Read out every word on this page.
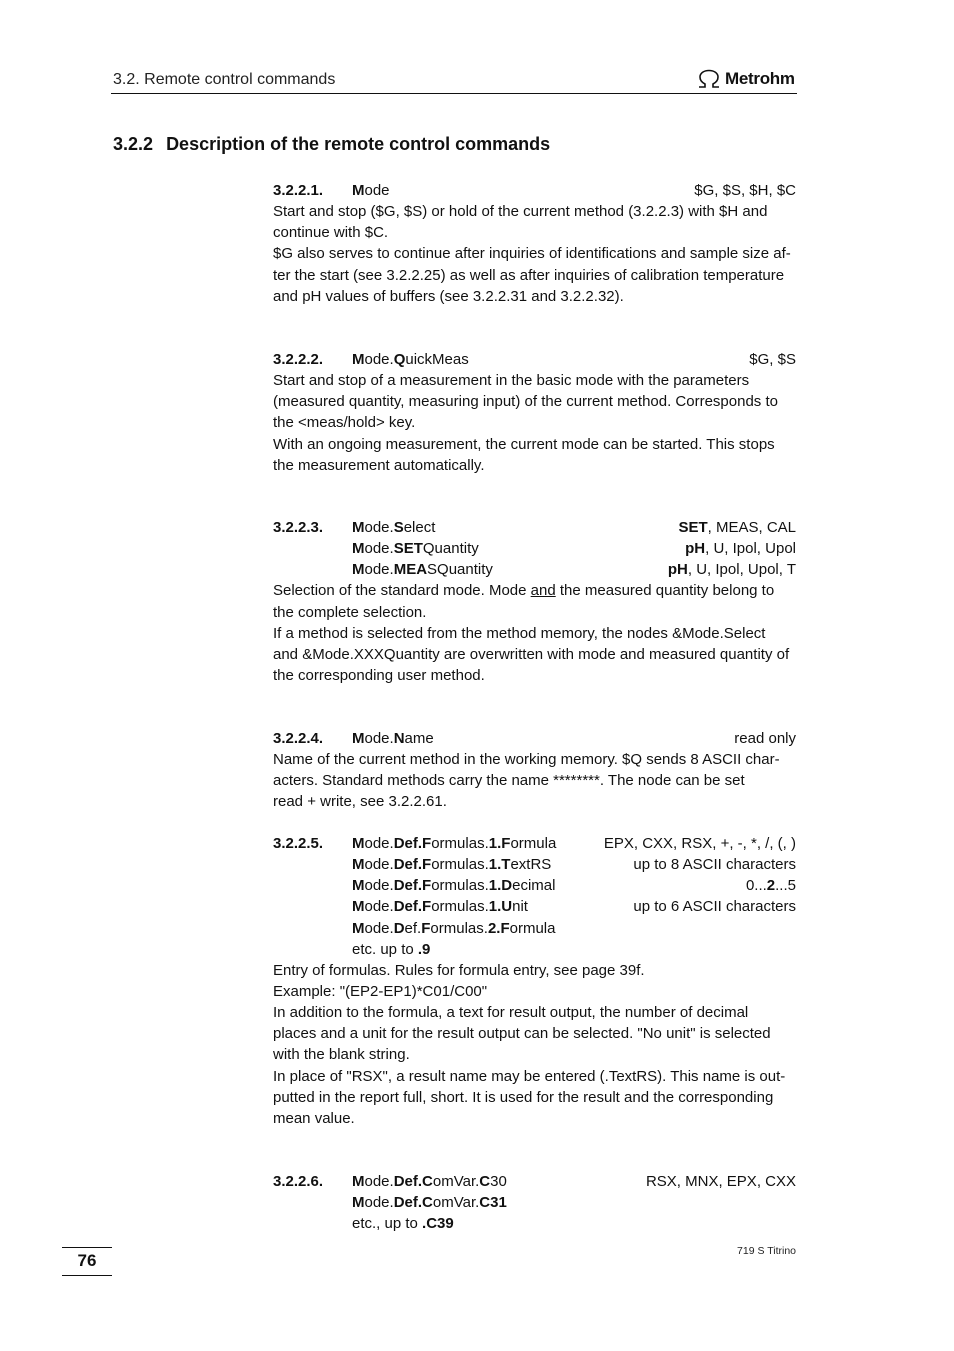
3.2. Remote control commands	Metrohm
3.2.2 Description of the remote control commands
3.2.2.1. Mode	$G, $S, $H, $C
Start and stop ($G, $S) or hold of the current method (3.2.2.3) with $H and
continue with $C.
$G also serves to continue after inquiries of identifications and sample size af-
ter the start (see 3.2.2.25) as well as after inquiries of calibration temperature
and pH values of buffers (see 3.2.2.31 and 3.2.2.32).
3.2.2.2. Mode.QuickMeas	$G, $S
Start and stop of a measurement in the basic mode with the parameters
(measured quantity, measuring input) of the current method. Corresponds to
the <meas/hold> key.
With an ongoing measurement, the current mode can be started. This stops
the measurement automatically.
3.2.2.3. Mode.Select	SET, MEAS, CAL
Mode.SETQuantity	pH, U, Ipol, Upol
Mode.MEASQuantity	pH, U, Ipol, Upol, T
Selection of the standard mode. Mode and the measured quantity belong to
the complete selection.
If a method is selected from the method memory, the nodes &Mode.Select
and &Mode.XXXQuantity are overwritten with mode and measured quantity of
the corresponding user method.
3.2.2.4. Mode.Name	read only
Name of the current method in the working memory. $Q sends 8 ASCII char-
acters. Standard methods carry the name ********. The node can be set
read + write, see 3.2.2.61.
3.2.2.5. Mode.Def.Formulas.1.Formula	EPX, CXX, RSX, +, -, *, /, (, )
Mode.Def.Formulas.1.TextRS	up to 8 ASCII characters
Mode.Def.Formulas.1.Decimal	0...2...5
Mode.Def.Formulas.1.Unit	up to 6 ASCII characters
Mode.Def.Formulas.2.Formula
etc. up to .9
Entry of formulas. Rules for formula entry, see page 39f.
Example: "(EP2-EP1)*C01/C00"
In addition to the formula, a text for result output, the number of decimal
places and a unit for the result output can be selected. "No unit" is selected
with the blank string.
In place of "RSX", a result name may be entered (.TextRS). This name is out-
putted in the report full, short. It is used for the result and the corresponding
mean value.
3.2.2.6. Mode.Def.ComVar.C30	RSX, MNX, EPX, CXX
Mode.Def.ComVar.C31
etc., up to .C39
76	719 S Titrino
